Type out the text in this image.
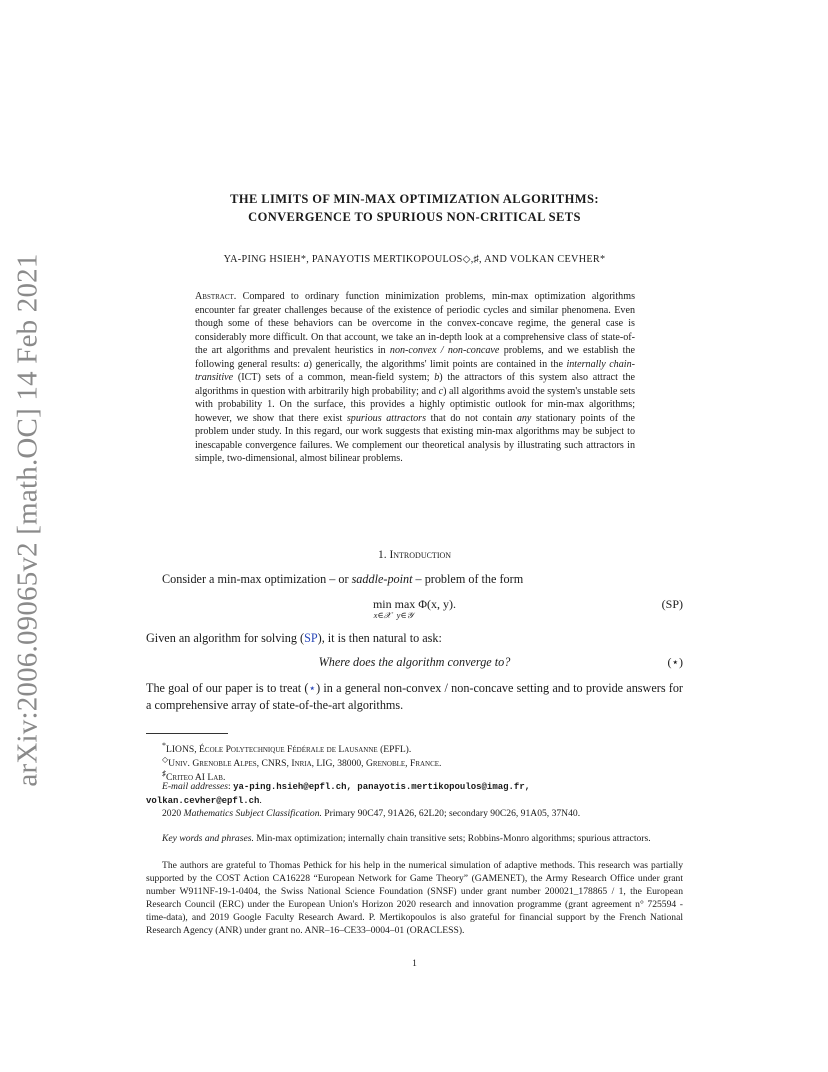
arXiv:2006.09065v2 [math.OC] 14 Feb 2021
THE LIMITS OF MIN-MAX OPTIMIZATION ALGORITHMS:
CONVERGENCE TO SPURIOUS NON-CRITICAL SETS
YA-PING HSIEH*, PANAYOTIS MERTIKOPOULOS◇,♯, AND VOLKAN CEVHER*
Abstract. Compared to ordinary function minimization problems, min-max optimization algorithms encounter far greater challenges because of the existence of periodic cycles and similar phenomena. Even though some of these behaviors can be overcome in the convex-concave regime, the general case is considerably more difficult. On that account, we take an in-depth look at a comprehensive class of state-of-the art algorithms and prevalent heuristics in non-convex / non-concave problems, and we establish the following general results: a) generically, the algorithms' limit points are contained in the internally chain-transitive (ICT) sets of a common, mean-field system; b) the attractors of this system also attract the algorithms in question with arbitrarily high probability; and c) all algorithms avoid the system's unstable sets with probability 1. On the surface, this provides a highly optimistic outlook for min-max algorithms; however, we show that there exist spurious attractors that do not contain any stationary points of the problem under study. In this regard, our work suggests that existing min-max algorithms may be subject to inescapable convergence failures. We complement our theoretical analysis by illustrating such attractors in simple, two-dimensional, almost bilinear problems.
1. Introduction
Consider a min-max optimization – or saddle-point – problem of the form
min
$^{x\in 𝒳}$ max
$^{y\in 𝒴}$ Φ(x, y).	(SP)
Given an algorithm for solving (SP), it is then natural to ask:
Where does the algorithm converge to?	(⋆)
The goal of our paper is to treat (⋆) in a general non-convex / non-concave setting and to provide answers for a comprehensive array of state-of-the-art algorithms.
*LIONS, École Polytechnique Fédérale de Lausanne (EPFL).
◇Univ. Grenoble Alpes, CNRS, Inria, LIG, 38000, Grenoble, France.
♯Criteo AI Lab.
E-mail addresses: ya-ping.hsieh@epfl.ch, panayotis.mertikopoulos@imag.fr,
volkan.cevher@epfl.ch.
2020 Mathematics Subject Classification. Primary 90C47, 91A26, 62L20; secondary 90C26, 91A05, 37N40.
Key words and phrases. Min-max optimization; internally chain transitive sets; Robbins-Monro algorithms; spurious attractors.
The authors are grateful to Thomas Pethick for his help in the numerical simulation of adaptive methods. This research was partially supported by the COST Action CA16228 “European Network for Game Theory” (GAMENET), the Army Research Office under grant number W911NF-19-1-0404, the Swiss National Science Foundation (SNSF) under grant number 200021_178865 / 1, the European Research Council (ERC) under the European Union's Horizon 2020 research and innovation programme (grant agreement n° 725594 - time-data), and 2019 Google Faculty Research Award. P. Mertikopoulos is also grateful for financial support by the French National Research Agency (ANR) under grant no. ANR–16–CE33–0004–01 (ORACLESS).
1
